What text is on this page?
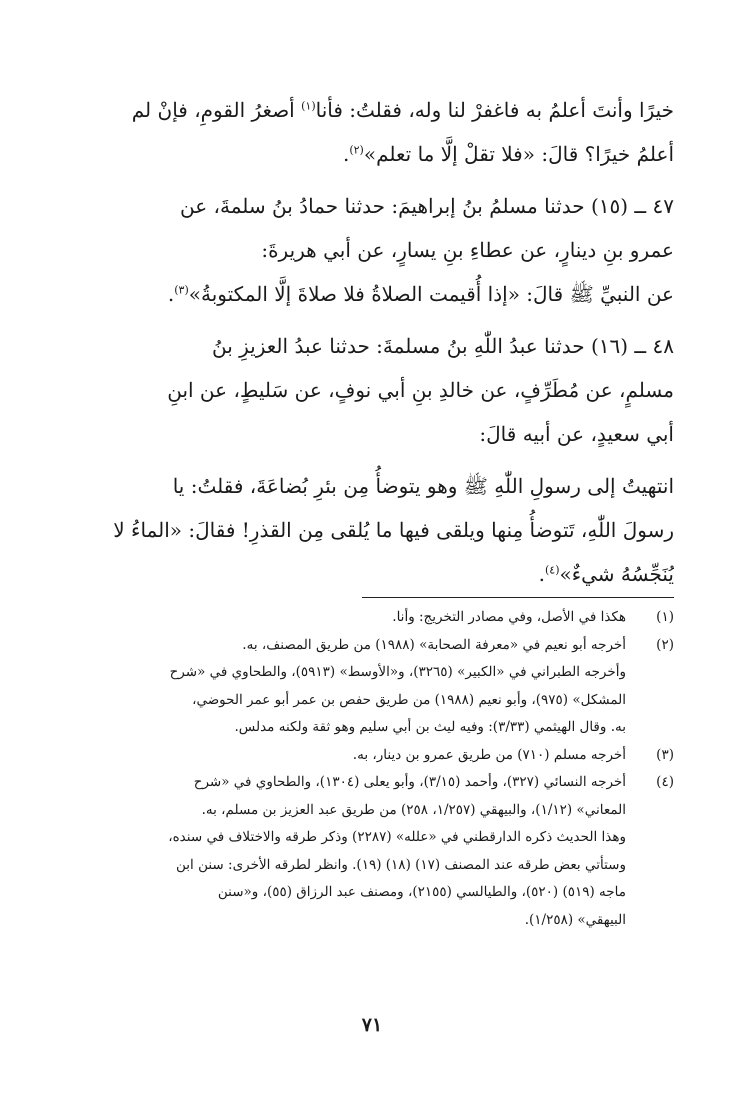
خيرًا وأنتَ أعلمُ به فاغفرْ لنا وله، فقلتُ: فأنا$^{(١)}$ أصغرُ القومِ، فإنْ لم
أعلمُ خيرًا؟ قالَ: «فلا تقلْ إلَّا ما تعلم»$^{(٢)}$.

٤٧ ــ (١٥) حدثنا مسلمُ بنُ إبراهيمَ: حدثنا حمادُ بنُ سلمةَ، عن
عمرو بنِ دينارٍ، عن عطاءِ بنِ يسارٍ، عن أبي هريرةَ:
عن النبيِّ ﷺ قالَ: «إذا أُقيمت الصلاةُ فلا صلاةَ إلَّا المكتوبةُ»$^{(٣)}$.

٤٨ ــ (١٦) حدثنا عبدُ اللّٰهِ بنُ مسلمةَ: حدثنا عبدُ العزيزِ بنُ
مسلمٍ، عن مُطَرِّفٍ، عن خالدِ بنِ أبي نوفٍ، عن سَليطٍ، عن ابنِ
أبي سعيدٍ، عن أبيه قالَ:

انتهيتُ إلى رسولِ اللّٰهِ ﷺ وهو يتوضأُ مِن بئرِ بُضاعَةَ، فقلتُ: يا
رسولَ اللّٰهِ، تَتوضأُ مِنها ويلقى فيها ما يُلقى مِن القذرِ! فقالَ: «الماءُ لا
يُنَجِّسُهُ شيءٌ»$^{(٤)}$.

(١)
هكذا في الأصل، وفي مصادر التخريج: وأنا.
(٢)
أخرجه أبو نعيم في «معرفة الصحابة» (١٩٨٨) من طريق المصنف، به.
وأخرجه الطبراني في «الكبير» (٣٢٦٥)، و«الأوسط» (٥٩١٣)، والطحاوي في «شرح
المشكل» (٩٧٥)، وأبو نعيم (١٩٨٨) من طريق حفص بن عمر أبو عمر الحوضي،
به. وقال الهيثمي (٣/٣٣): وفيه ليث بن أبي سليم وهو ثقة ولكنه مدلس.
(٣)
أخرجه مسلم (٧١٠) من طريق عمرو بن دينار، به.
(٤)
أخرجه النسائي (٣٢٧)، وأحمد (٣/١٥)، وأبو يعلى (١٣٠٤)، والطحاوي في «شرح
المعاني» (١/١٢)، والبيهقي (١/٢٥٧، ٢٥٨) من طريق عبد العزيز بن مسلم، به.
وهذا الحديث ذكره الدارقطني في «علله» (٢٢٨٧) وذكر طرقه والاختلاف في سنده،
وستأتي بعض طرقه عند المصنف (١٧) (١٨) (١٩). وانظر لطرقه الأخرى: سنن ابن
ماجه (٥١٩) (٥٢٠)، والطيالسي (٢١٥٥)، ومصنف عبد الرزاق (٥٥)، و«سنن
البيهقي» (١/٢٥٨).
٧١
